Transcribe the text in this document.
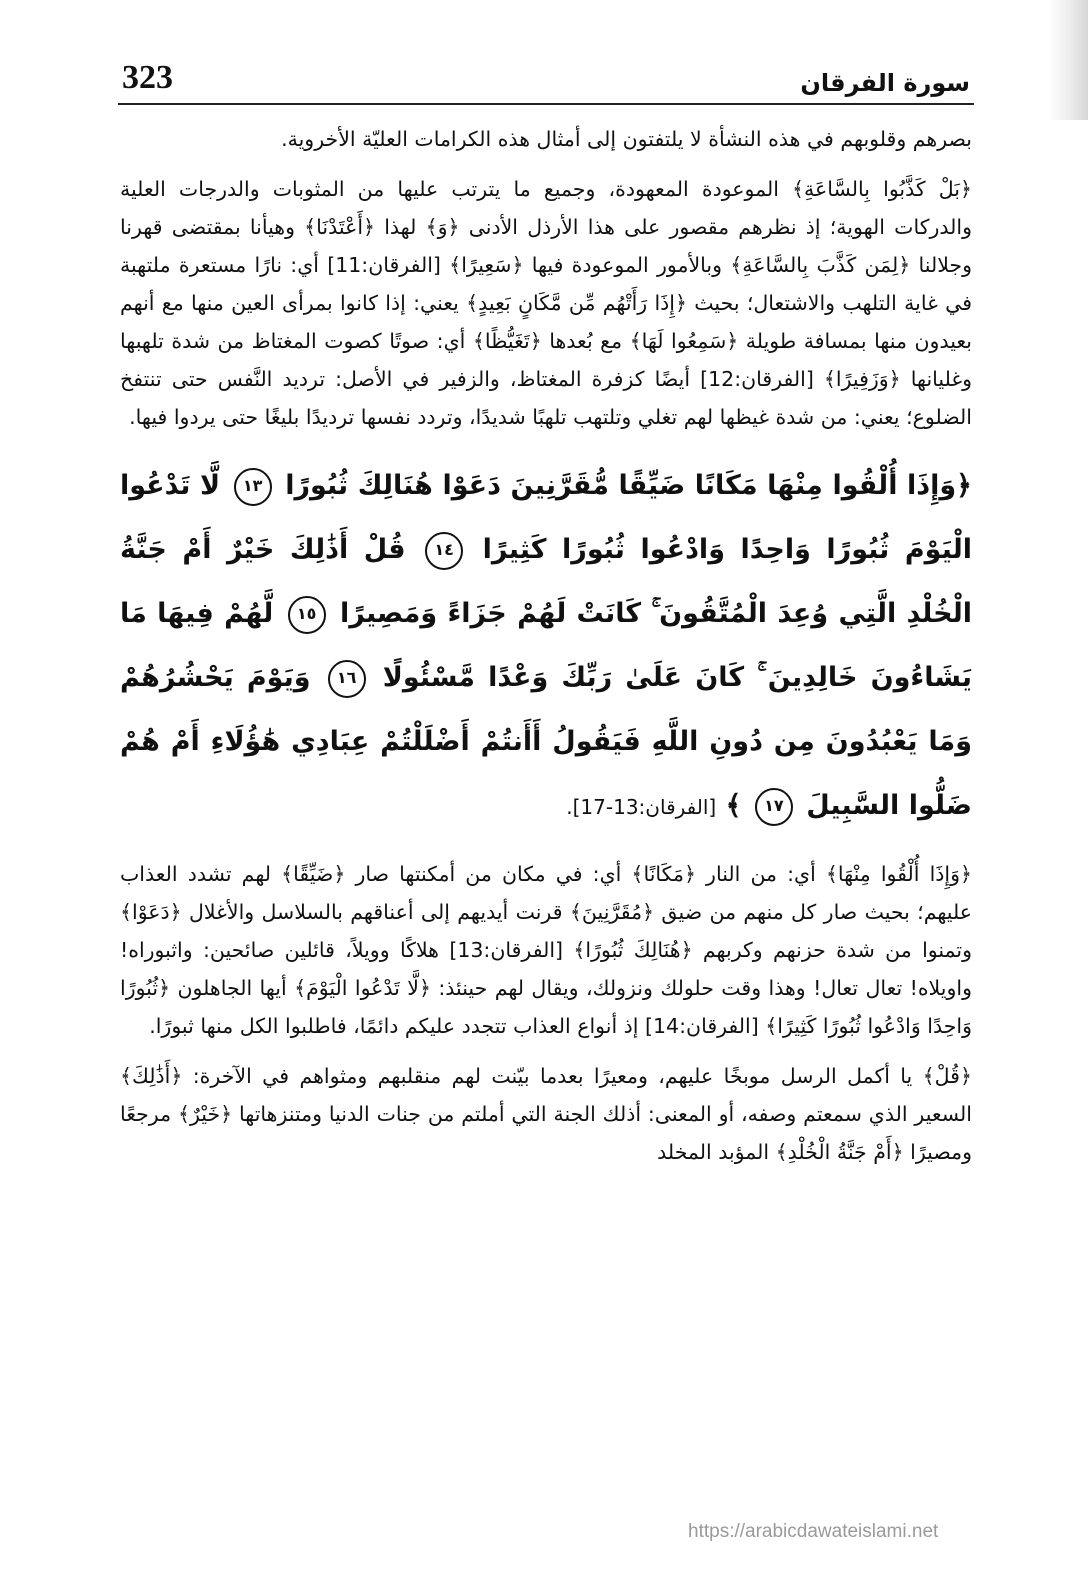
323	سورة الفرقان

بصرهم وقلوبهم في هذه النشأة لا يلتفتون إلى أمثال هذه الكرامات العليّة الأخروية.

﴿بَلْ كَذَّبُوا بِالسَّاعَةِ﴾ الموعودة المعهودة، وجميع ما يترتب عليها من المثوبات والدرجات العلية والدركات الهوية؛ إذ نظرهم مقصور على هذا الأرذل الأدنى ﴿وَ﴾ لهذا ﴿أَعْتَدْنَا﴾ وهيأنا بمقتضى قهرنا وجلالنا ﴿لِمَن كَذَّبَ بِالسَّاعَةِ﴾ وبالأمور الموعودة فيها ﴿سَعِيرًا﴾ [الفرقان:11] أي: نارًا مستعرة ملتهبة في غاية التلهب والاشتعال؛ بحيث ﴿إِذَا رَأَتْهُم مِّن مَّكَانٍ بَعِيدٍ﴾ يعني: إذا كانوا بمرأى العين منها مع أنهم بعيدون منها بمسافة طويلة ﴿سَمِعُوا لَهَا﴾ مع بُعدها ﴿تَغَيُّظًا﴾ أي: صوتًا كصوت المغتاظ من شدة تلهبها وغليانها ﴿وَزَفِيرًا﴾ [الفرقان:12] أيضًا كزفرة المغتاظ، والزفير في الأصل: ترديد النَّفس حتى تنتفخ الضلوع؛ يعني: من شدة غيظها لهم تغلي وتلتهب تلهبًا شديدًا، وتردد نفسها ترديدًا بليغًا حتى يردوا فيها.

﴿وَإِذَا أُلْقُوا مِنْهَا مَكَانًا ضَيِّقًا مُّقَرَّنِينَ دَعَوْا هُنَالِكَ ثُبُورًا ١٣ لَّا تَدْعُوا الْيَوْمَ ثُبُورًا وَاحِدًا وَادْعُوا ثُبُورًا كَثِيرًا ١٤ قُلْ أَذَٰلِكَ خَيْرٌ أَمْ جَنَّةُ الْخُلْدِ الَّتِي وُعِدَ الْمُتَّقُونَ ۚ كَانَتْ لَهُمْ جَزَاءً وَمَصِيرًا ١٥ لَّهُمْ فِيهَا مَا يَشَاءُونَ خَالِدِينَ ۚ كَانَ عَلَىٰ رَبِّكَ وَعْدًا مَّسْئُولًا ١٦ وَيَوْمَ يَحْشُرُهُمْ وَمَا يَعْبُدُونَ مِن دُونِ اللَّهِ فَيَقُولُ أَأَنتُمْ أَضْلَلْتُمْ عِبَادِي هَٰؤُلَاءِ أَمْ هُمْ ضَلُّوا السَّبِيلَ ١٧ ﴾ [الفرقان:13-17].

﴿وَإِذَا أُلْقُوا مِنْهَا﴾ أي: من النار ﴿مَكَانًا﴾ أي: في مكان من أمكنتها صار ﴿ضَيِّقًا﴾ لهم تشدد العذاب عليهم؛ بحيث صار كل منهم من ضيق ﴿مُقَرَّنِينَ﴾ قرنت أيديهم إلى أعناقهم بالسلاسل والأغلال ﴿دَعَوْا﴾ وتمنوا من شدة حزنهم وكربهم ﴿هُنَالِكَ ثُبُورًا﴾ [الفرقان:13] هلاكًا وويلاً، قائلين صائحين: واثبوراه! واويلاه! تعال تعال! وهذا وقت حلولك ونزولك، ويقال لهم حينئذ: ﴿لَّا تَدْعُوا الْيَوْمَ﴾ أيها الجاهلون ﴿ثُبُورًا وَاحِدًا وَادْعُوا ثُبُورًا كَثِيرًا﴾ [الفرقان:14] إذ أنواع العذاب تتجدد عليكم دائمًا، فاطلبوا الكل منها ثبورًا.

﴿قُلْ﴾ يا أكمل الرسل موبخًا عليهم، ومعيرًا بعدما بيّنت لهم منقلبهم ومثواهم في الآخرة: ﴿أَذَٰلِكَ﴾ السعير الذي سمعتم وصفه، أو المعنى: أذلك الجنة التي أملتم من جنات الدنيا ومتنزهاتها ﴿خَيْرٌ﴾ مرجعًا ومصيرًا ﴿أَمْ جَنَّةُ الْخُلْدِ﴾ المؤبد المخلد

https://arabicdawateislami.net
